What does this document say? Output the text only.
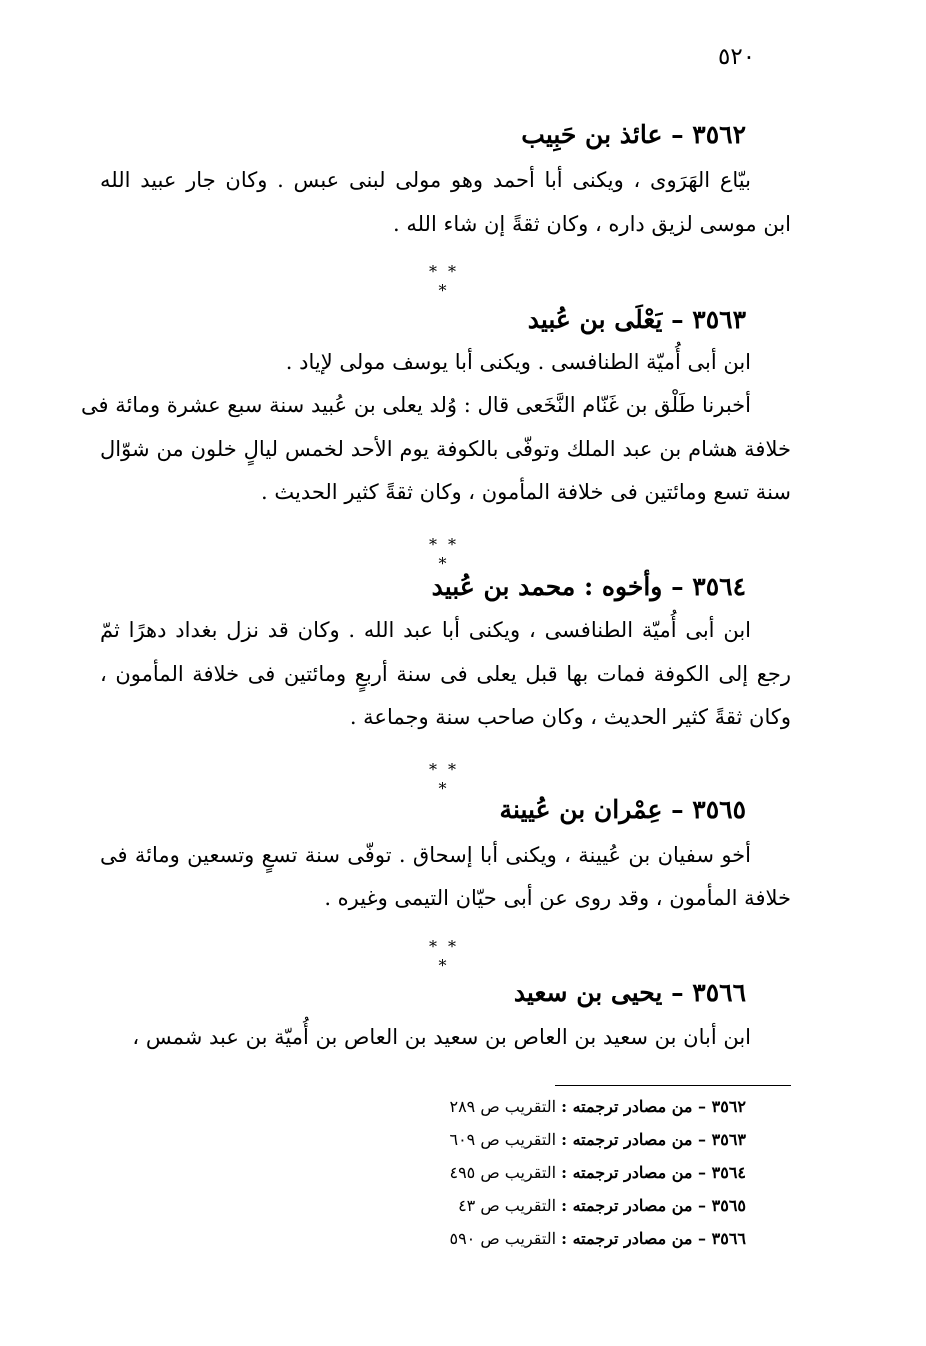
٥٢٠
٣٥٦٢ – عائذ بن حَبِيب
بيّاع الهَرَوى ، ويكنى أبا أحمد وهو مولى لبنى عبس . وكان جار عبيد الله
ابن موسى لزيق داره ، وكان ثقةً إن شاء الله .
* * *
٣٥٦٣ – يَعْلَى بن عُبيد
ابن أبى أُميّة الطنافسى . ويكنى أبا يوسف مولى لإياد .
أخبرنا طَلْق بن غَنّام النَّخَعى قال : وُلد يعلى بن عُبيد سنة سبع عشرة ومائة فى
خلافة هشام بن عبد الملك وتوفّى بالكوفة يوم الأحد لخمس ليالٍ خلون من شوّال
سنة تسع ومائتين فى خلافة المأمون ، وكان ثقةً كثير الحديث .
* * *
٣٥٦٤ – وأخوه : محمد بن عُبيد
ابن أبى أُميّة الطنافسى ، ويكنى أبا عبد الله . وكان قد نزل بغداد دهرًا ثمّ
رجع إلى الكوفة فمات بها قبل يعلى فى سنة أربعٍ ومائتين فى خلافة المأمون ،
وكان ثقةً كثير الحديث ، وكان صاحب سنة وجماعة .
* * *
٣٥٦٥ – عِمْران بن عُيينة
أخو سفيان بن عُيينة ، ويكنى أبا إسحاق . توفّى سنة تسعٍ وتسعين ومائة فى
خلافة المأمون ، وقد روى عن أبى حيّان التيمى وغيره .
* * *
٣٥٦٦ – يحيى بن سعيد
ابن أبان بن سعيد بن العاص بن سعيد بن العاص بن أُميّة بن عبد شمس ،
٣٥٦٢ – من مصادر ترجمته : التقريب ص ٢٨٩
٣٥٦٣ – من مصادر ترجمته : التقريب ص ٦٠٩
٣٥٦٤ – من مصادر ترجمته : التقريب ص ٤٩٥
٣٥٦٥ – من مصادر ترجمته : التقريب ص ٤٣
٣٥٦٦ – من مصادر ترجمته : التقريب ص ٥٩٠
